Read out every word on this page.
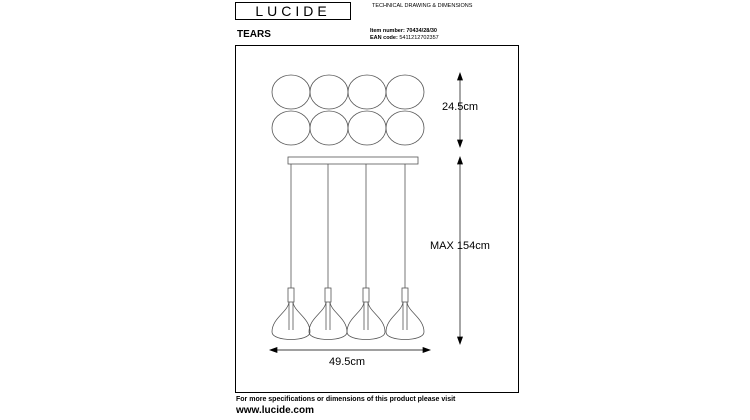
LUCIDE	TECHNICAL DRAWING & DIMENSIONS
TEARS	Item number: 70434/28/30
EAN code: 5411212702357
24.5cm
MAX 154cm
49.5cm
For more specifications or dimensions of this product please visit
www.lucide.com
